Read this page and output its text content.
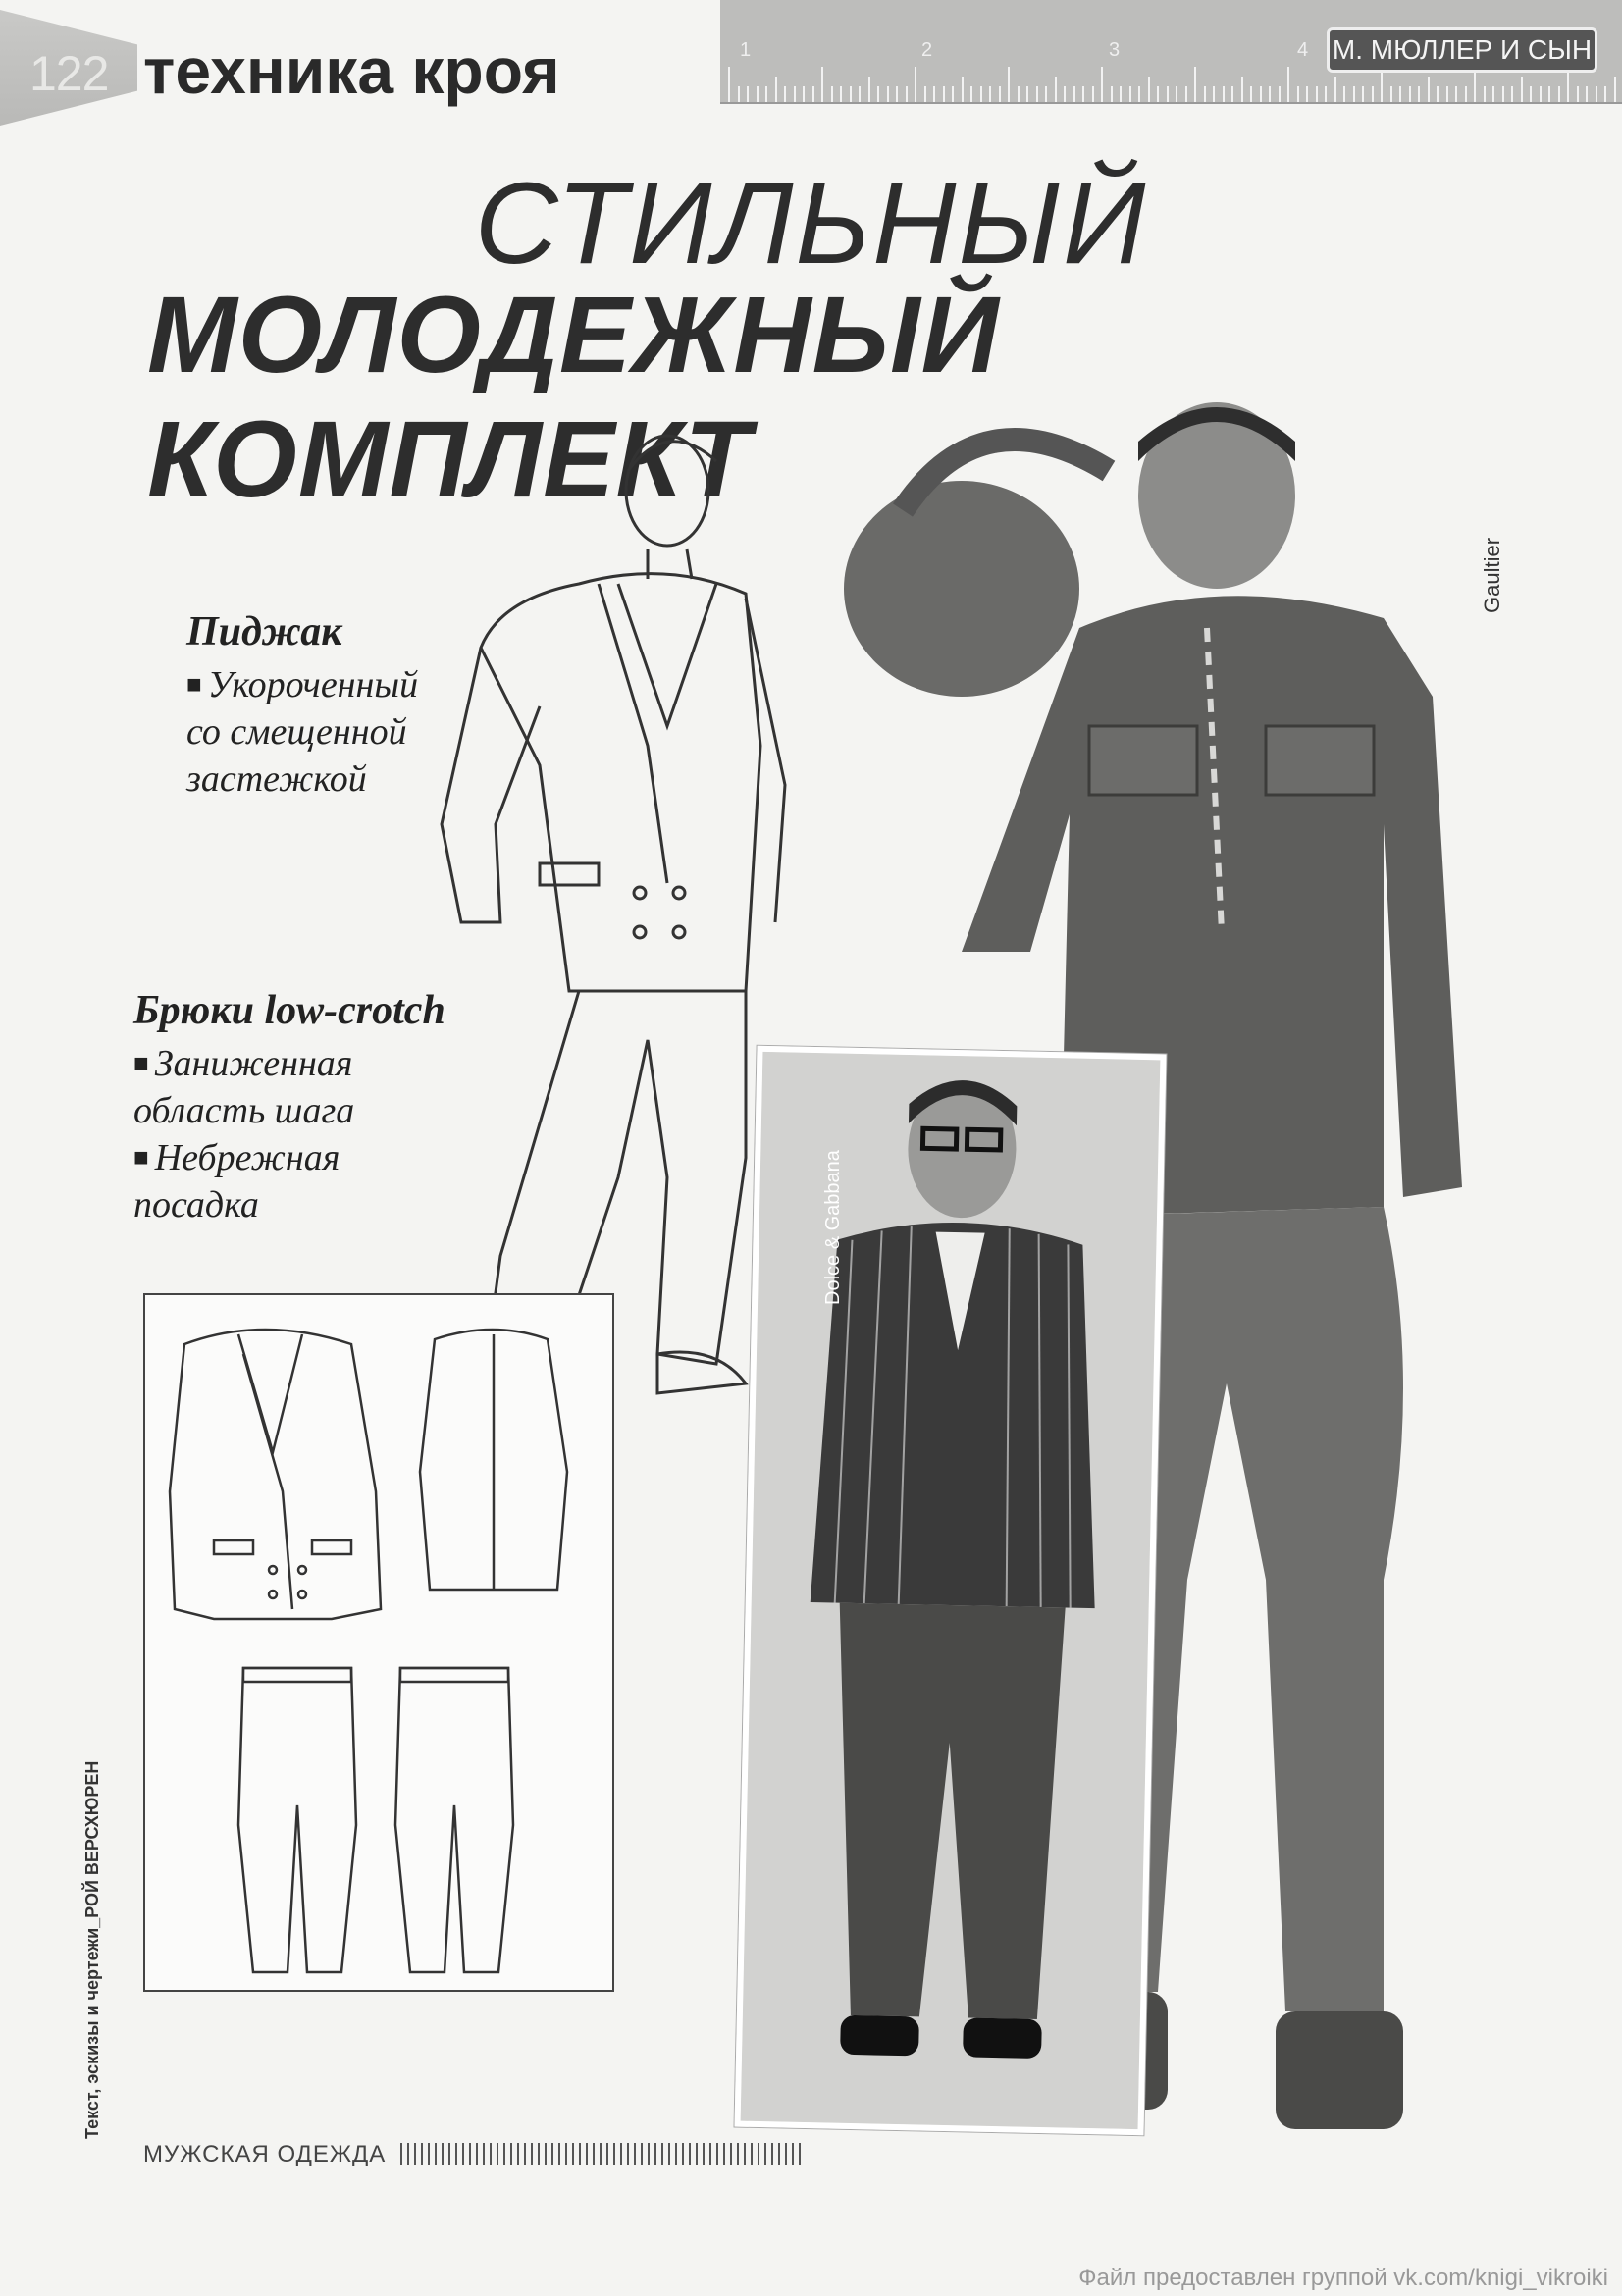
122 техника кроя	1	2	3	4 М. МЮЛЛЕР И СЫН
СТИЛЬНЫЙ
МОЛОДЕЖНЫЙ КОМПЛЕКТ
Пиджак
■ Укороченный
со смещенной
застежкой
Брюки low-crotch
■ Заниженная
область шага
■ Небрежная
посадка
Gaultier
Dolce & Gabbana
Текст, эскизы и чертежи_РОЙ ВЕРСХЮРЕН
МУЖСКАЯ ОДЕЖДА
Файл предоставлен группой vk.com/knigi_vikroiki
